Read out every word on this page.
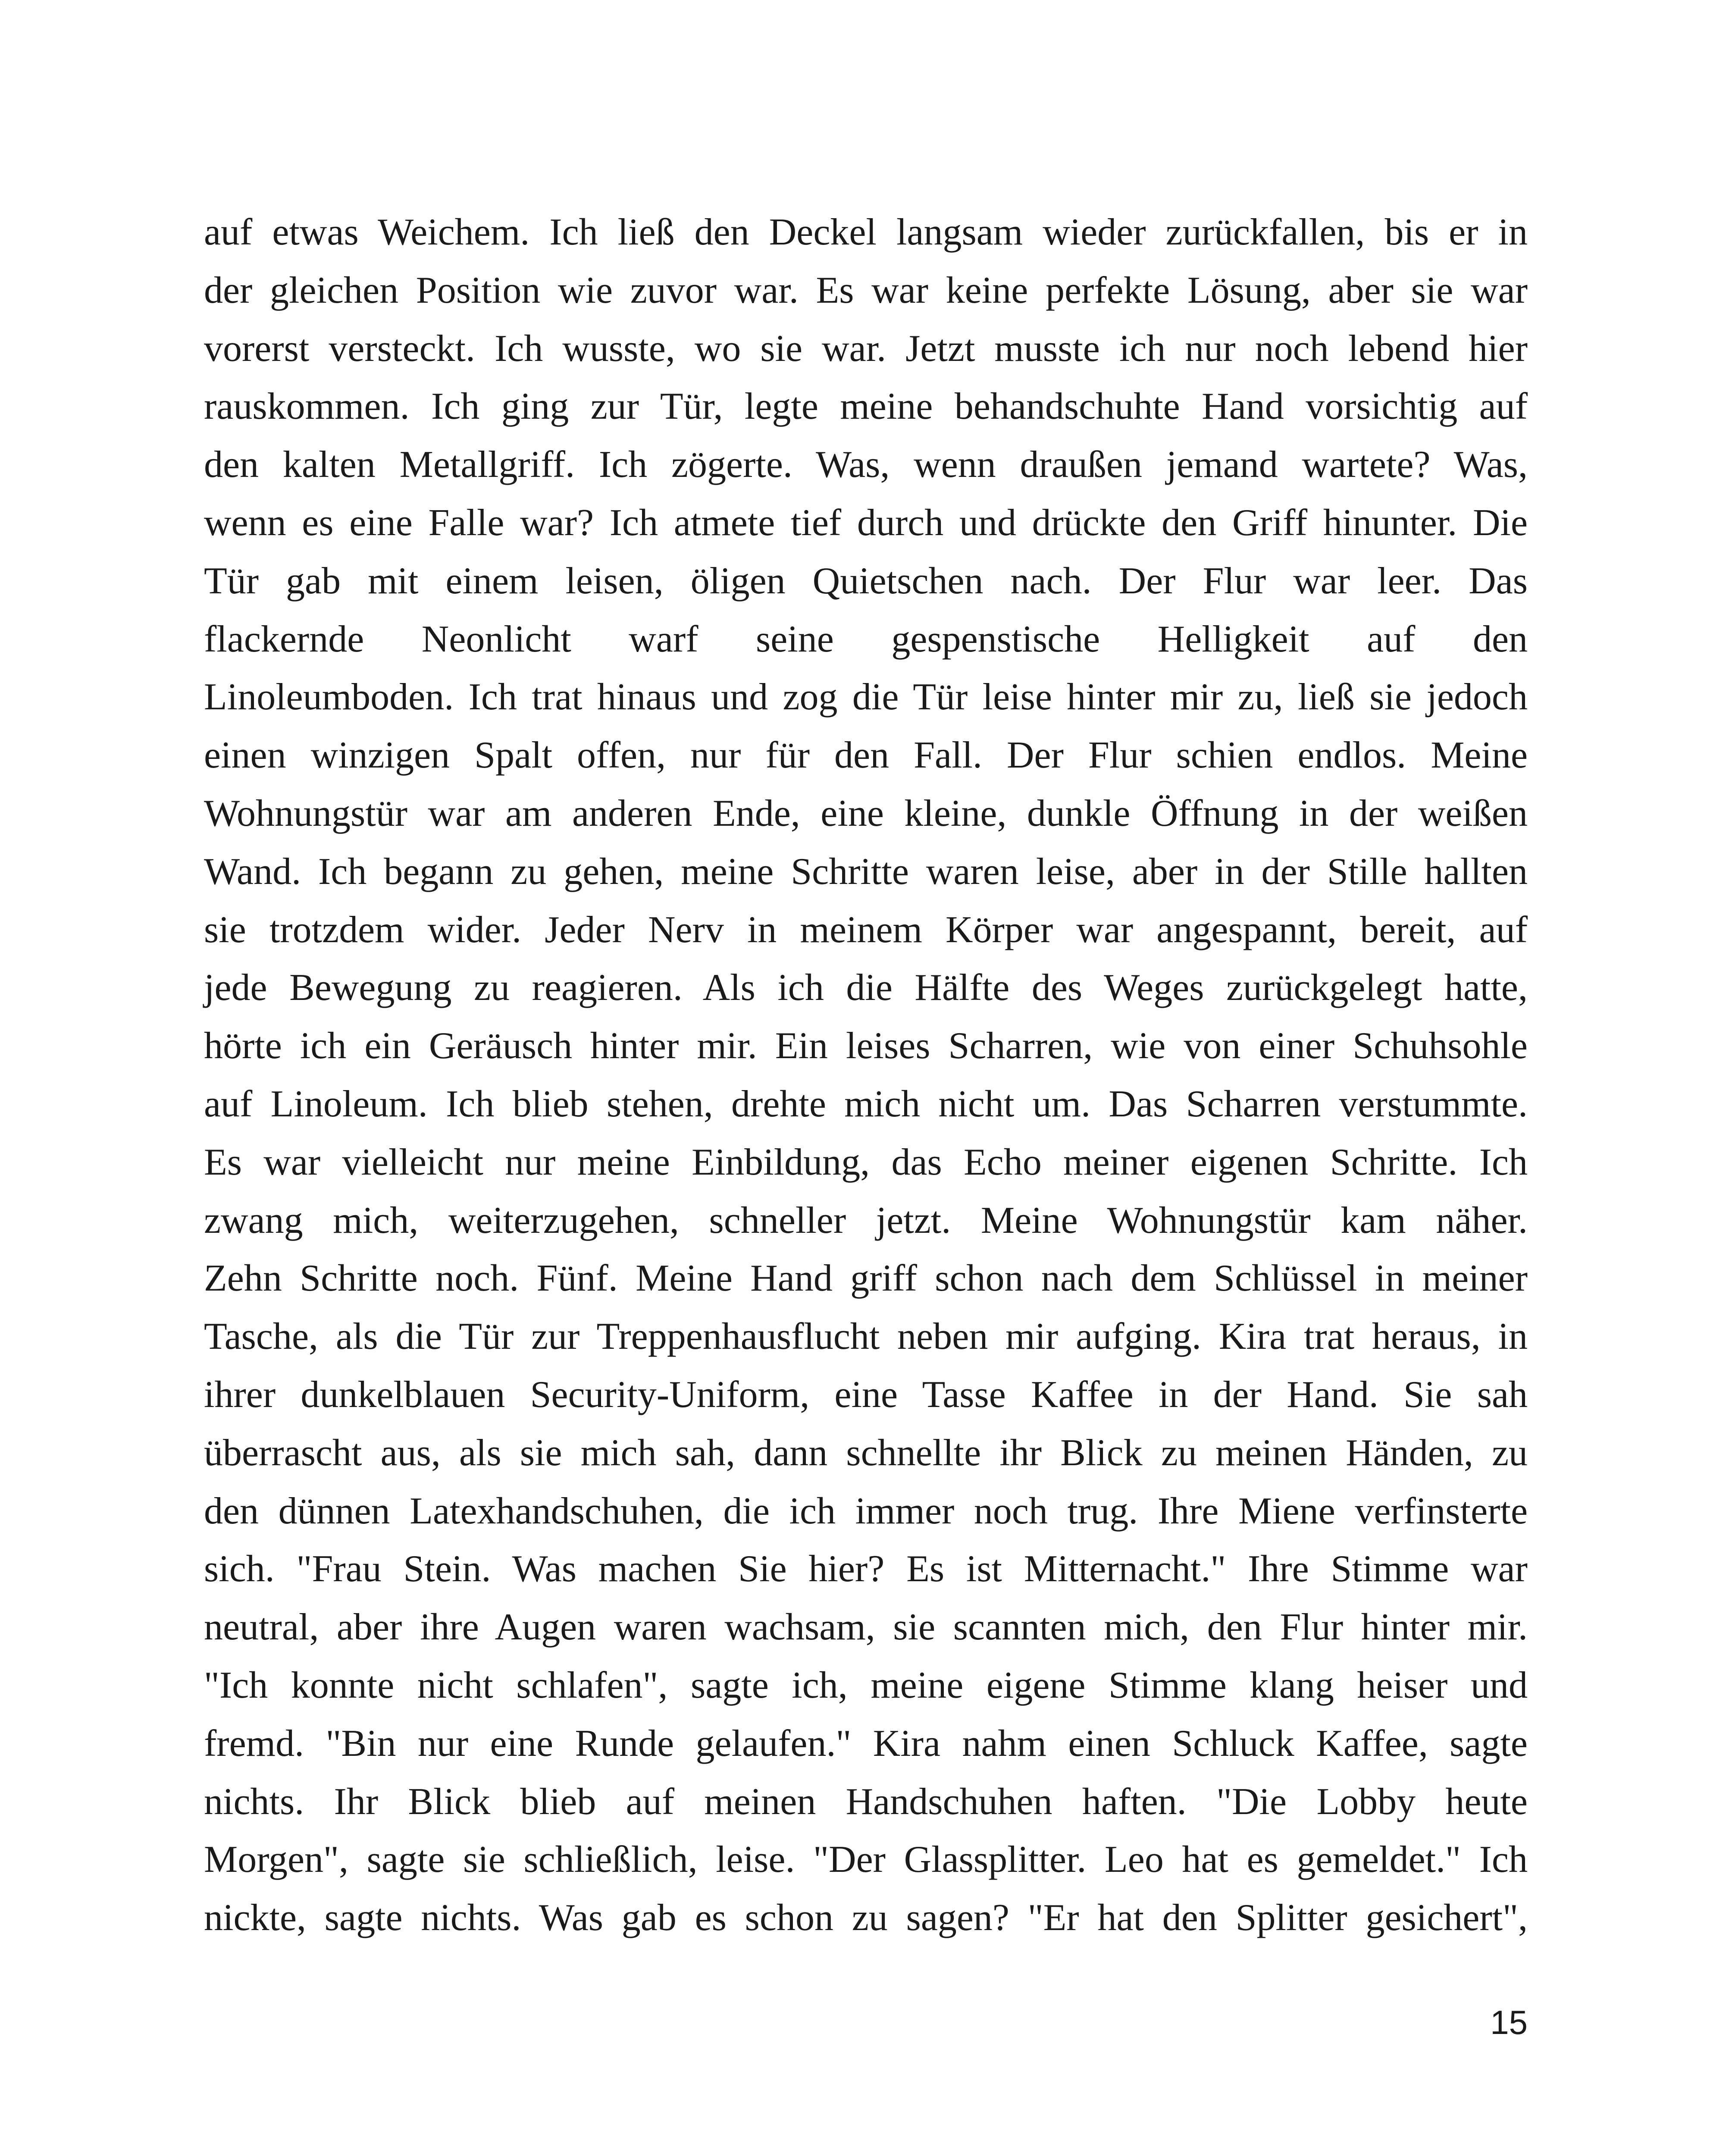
auf etwas Weichem. Ich ließ den Deckel langsam wieder zurückfallen, bis er in
der gleichen Position wie zuvor war. Es war keine perfekte Lösung, aber sie war
vorerst versteckt. Ich wusste, wo sie war. Jetzt musste ich nur noch lebend hier
rauskommen. Ich ging zur Tür, legte meine behandschuhte Hand vorsichtig auf
den kalten Metallgriff. Ich zögerte. Was, wenn draußen jemand wartete? Was,
wenn es eine Falle war? Ich atmete tief durch und drückte den Griff hinunter. Die
Tür gab mit einem leisen, öligen Quietschen nach. Der Flur war leer. Das
flackernde Neonlicht warf seine gespenstische Helligkeit auf den
Linoleumboden. Ich trat hinaus und zog die Tür leise hinter mir zu, ließ sie jedoch
einen winzigen Spalt offen, nur für den Fall. Der Flur schien endlos. Meine
Wohnungstür war am anderen Ende, eine kleine, dunkle Öffnung in der weißen
Wand. Ich begann zu gehen, meine Schritte waren leise, aber in der Stille hallten
sie trotzdem wider. Jeder Nerv in meinem Körper war angespannt, bereit, auf
jede Bewegung zu reagieren. Als ich die Hälfte des Weges zurückgelegt hatte,
hörte ich ein Geräusch hinter mir. Ein leises Scharren, wie von einer Schuhsohle
auf Linoleum. Ich blieb stehen, drehte mich nicht um. Das Scharren verstummte.
Es war vielleicht nur meine Einbildung, das Echo meiner eigenen Schritte. Ich
zwang mich, weiterzugehen, schneller jetzt. Meine Wohnungstür kam näher.
Zehn Schritte noch. Fünf. Meine Hand griff schon nach dem Schlüssel in meiner
Tasche, als die Tür zur Treppenhausflucht neben mir aufging. Kira trat heraus, in
ihrer dunkelblauen Security-Uniform, eine Tasse Kaffee in der Hand. Sie sah
überrascht aus, als sie mich sah, dann schnellte ihr Blick zu meinen Händen, zu
den dünnen Latexhandschuhen, die ich immer noch trug. Ihre Miene verfinsterte
sich. "Frau Stein. Was machen Sie hier? Es ist Mitternacht." Ihre Stimme war
neutral, aber ihre Augen waren wachsam, sie scannten mich, den Flur hinter mir.
"Ich konnte nicht schlafen", sagte ich, meine eigene Stimme klang heiser und
fremd. "Bin nur eine Runde gelaufen." Kira nahm einen Schluck Kaffee, sagte
nichts. Ihr Blick blieb auf meinen Handschuhen haften. "Die Lobby heute
Morgen", sagte sie schließlich, leise. "Der Glassplitter. Leo hat es gemeldet." Ich
nickte, sagte nichts. Was gab es schon zu sagen? "Er hat den Splitter gesichert",
15
